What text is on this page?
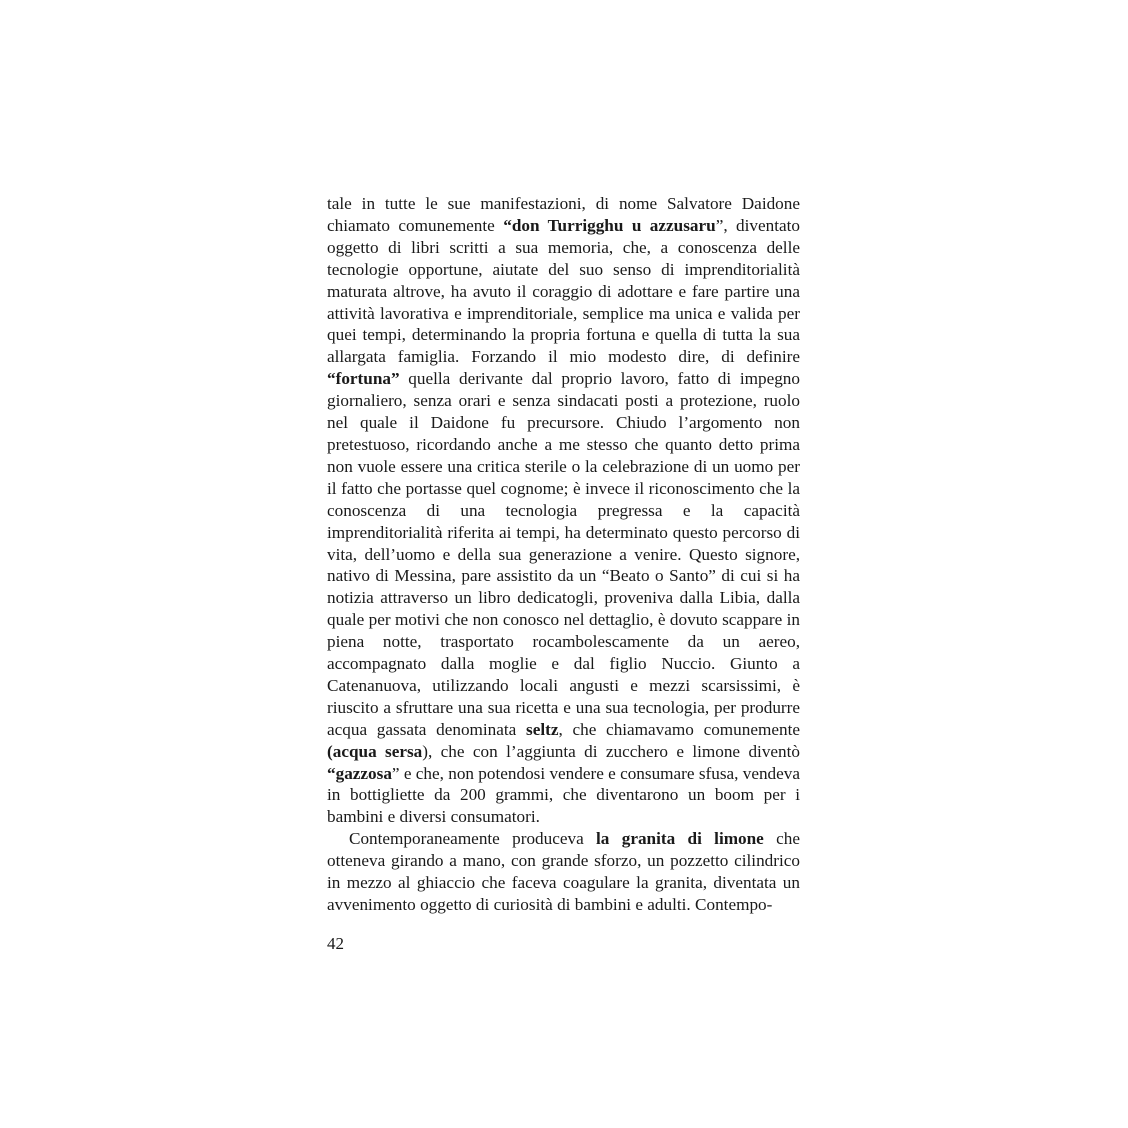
tale in tutte le sue manifestazioni, di nome Salvatore Daidone chiamato comunemente “don Turrigghu u azzusaru”, diventato oggetto di libri scritti a sua memoria, che, a conoscenza delle tecnologie opportune, aiutate del suo senso di imprenditorialità maturata altrove, ha avuto il coraggio di adottare e fare partire una attività lavorativa e imprenditoriale, semplice ma unica e valida per quei tempi, determinando la propria fortuna e quella di tutta la sua allargata famiglia. Forzando il mio modesto dire, di definire “fortuna” quella derivante dal proprio lavoro, fatto di impegno giornaliero, senza orari e senza sindacati posti a protezione, ruolo nel quale il Daidone fu precursore. Chiudo l’argomento non pretestuoso, ricordando anche a me stesso che quanto detto prima non vuole essere una critica sterile o la celebrazione di un uomo per il fatto che portasse quel cognome; è invece il riconoscimento che la conoscenza di una tecnologia pregressa e la capacità imprenditorialità riferita ai tempi, ha determinato questo percorso di vita, dell’uomo e della sua generazione a venire. Questo signore, nativo di Messina, pare assistito da un “Beato o Santo” di cui si ha notizia attraverso un libro dedicatogli, proveniva dalla Libia, dalla quale per motivi che non conosco nel dettaglio, è dovuto scappare in piena notte, trasportato rocambolescamente da un aereo, accompagnato dalla moglie e dal figlio Nuccio. Giunto a Catenanuova, utilizzando locali angusti e mezzi scarsissimi, è riuscito a sfruttare una sua ricetta e una sua tecnologia, per produrre acqua gassata denominata seltz, che chiamavamo comunemente (acqua sersa), che con l’aggiunta di zucchero e limone diventò “gazzosa” e che, non potendosi vendere e consumare sfusa, vendeva in bottigliette da 200 grammi, che diventarono un boom per i bambini e diversi consumatori.

Contemporaneamente produceva la granita di limone che otteneva girando a mano, con grande sforzo, un pozzetto cilindrico in mezzo al ghiaccio che faceva coagulare la granita, diventata un avvenimento oggetto di curiosità di bambini e adulti. Contempo-

42
